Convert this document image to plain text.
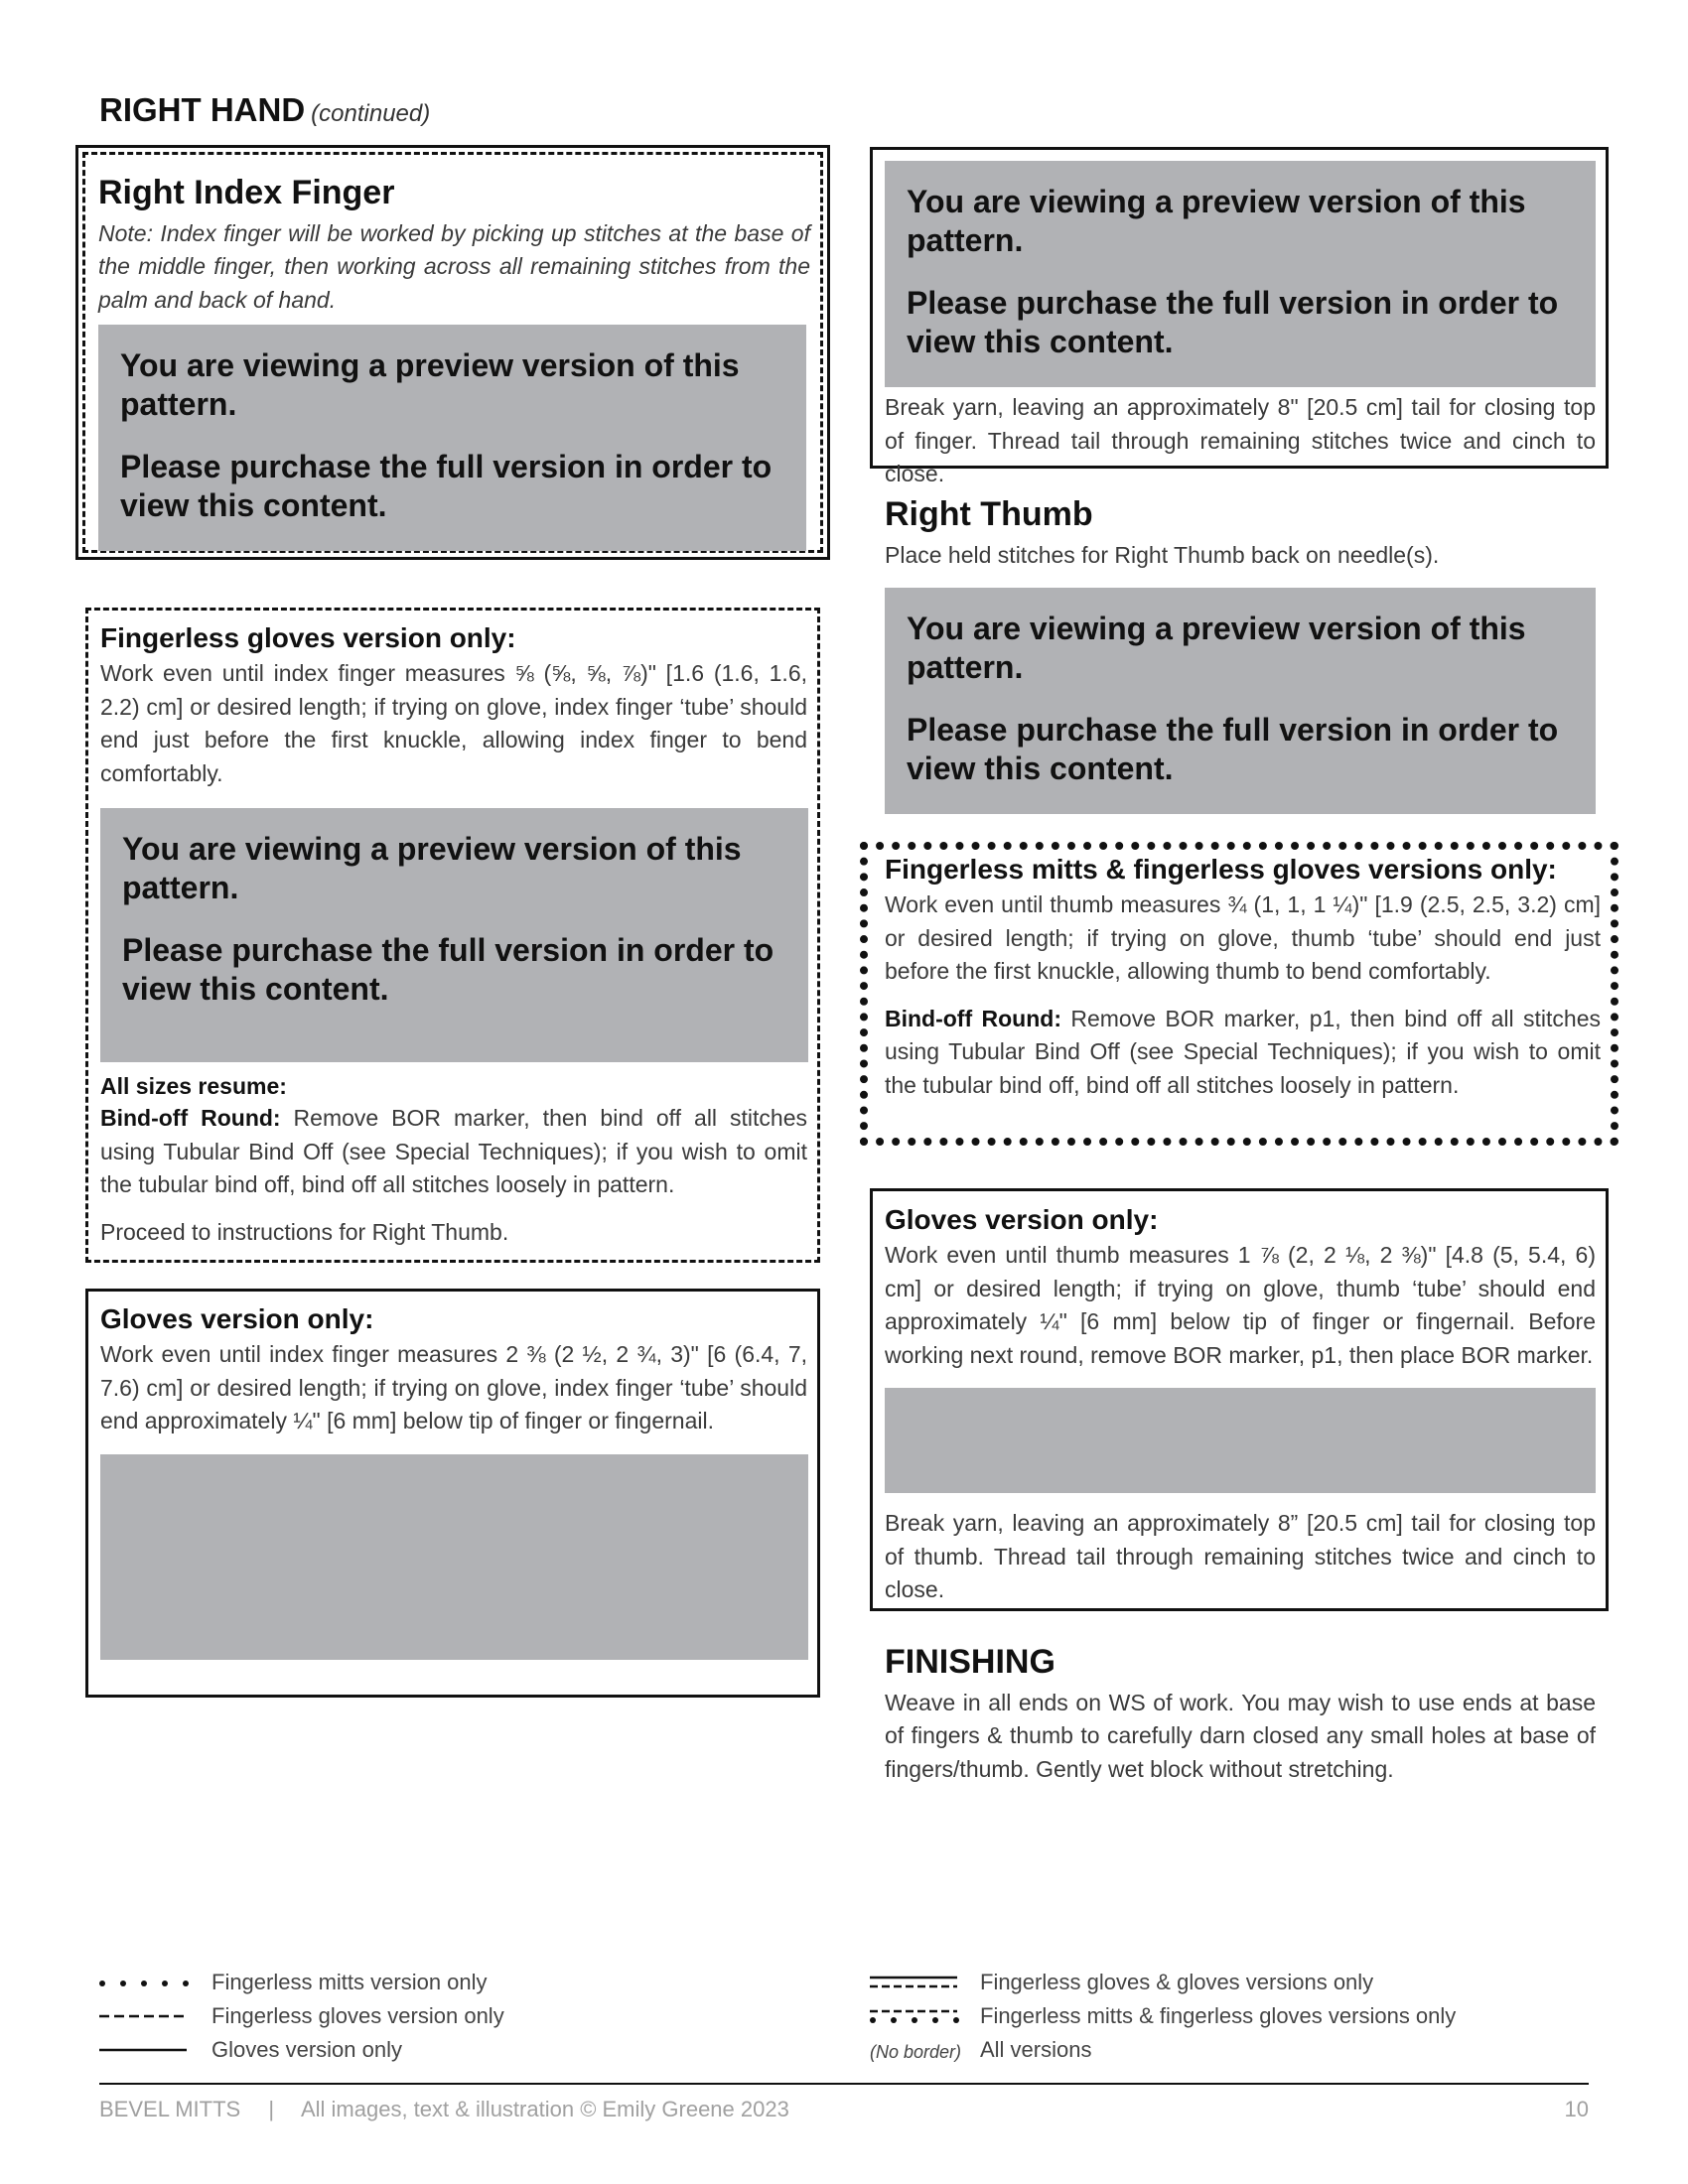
RIGHT HAND (continued)
Right Index Finger

Note: Index finger will be worked by picking up stitches at the base of the middle finger, then working across all remaining stitches from the palm and back of hand.

You are viewing a preview version of this pattern.

Please purchase the full version in order to view this content.

Fingerless gloves version only:

Work even until index finger measures ⅝ (⅝, ⅝, ⅞)" [1.6 (1.6, 1.6, 2.2) cm] or desired length; if trying on glove, index finger ‘tube’ should end just before the first knuckle, allowing index finger to bend comfortably.

You are viewing a preview version of this pattern.

Please purchase the full version in order to view this content.

All sizes resume:

Bind-off Round: Remove BOR marker, then bind off all stitches using Tubular Bind Off (see Special Techniques); if you wish to omit the tubular bind off, bind off all stitches loosely in pattern.

Proceed to instructions for Right Thumb.

Gloves version only:

Work even until index finger measures 2 ⅜ (2 ½, 2 ¾, 3)" [6 (6.4, 7, 7.6) cm] or desired length; if trying on glove, index finger ‘tube’ should end approximately ¼" [6 mm] below tip of finger or fingernail.

You are viewing a preview version of this pattern.

Please purchase the full version in order to view this content.

Break yarn, leaving an approximately 8" [20.5 cm] tail for closing top of finger. Thread tail through remaining stitches twice and cinch to close.

Right Thumb

Place held stitches for Right Thumb back on needle(s).

You are viewing a preview version of this pattern.

Please purchase the full version in order to view this content.

Fingerless mitts & fingerless gloves versions only:

Work even until thumb measures ¾ (1, 1, 1 ¼)" [1.9 (2.5, 2.5, 3.2) cm] or desired length; if trying on glove, thumb ‘tube’ should end just before the first knuckle, allowing thumb to bend comfortably.

Bind-off Round: Remove BOR marker, p1, then bind off all stitches using Tubular Bind Off (see Special Techniques); if you wish to omit the tubular bind off, bind off all stitches loosely in pattern.

Gloves version only:

Work even until thumb measures 1 ⅞ (2, 2 ⅛, 2 ⅜)" [4.8 (5, 5.4, 6) cm] or desired length; if trying on glove, thumb ‘tube’ should end approximately ¼" [6 mm] below tip of finger or fingernail. Before working next round, remove BOR marker, p1, then place BOR marker.

Break yarn, leaving an approximately 8” [20.5 cm] tail for closing top of thumb. Thread tail through remaining stitches twice and cinch to close.

FINISHING

Weave in all ends on WS of work. You may wish to use ends at base of fingers & thumb to carefully darn closed any small holes at base of fingers/thumb. Gently wet block without stretching.

Fingerless mitts version only
Fingerless gloves version only
Gloves version only
Fingerless gloves & gloves versions only
Fingerless mitts & fingerless gloves versions only
(No border) All versions
BEVEL MITTS | All images, text & illustration © Emily Greene 2023	10
